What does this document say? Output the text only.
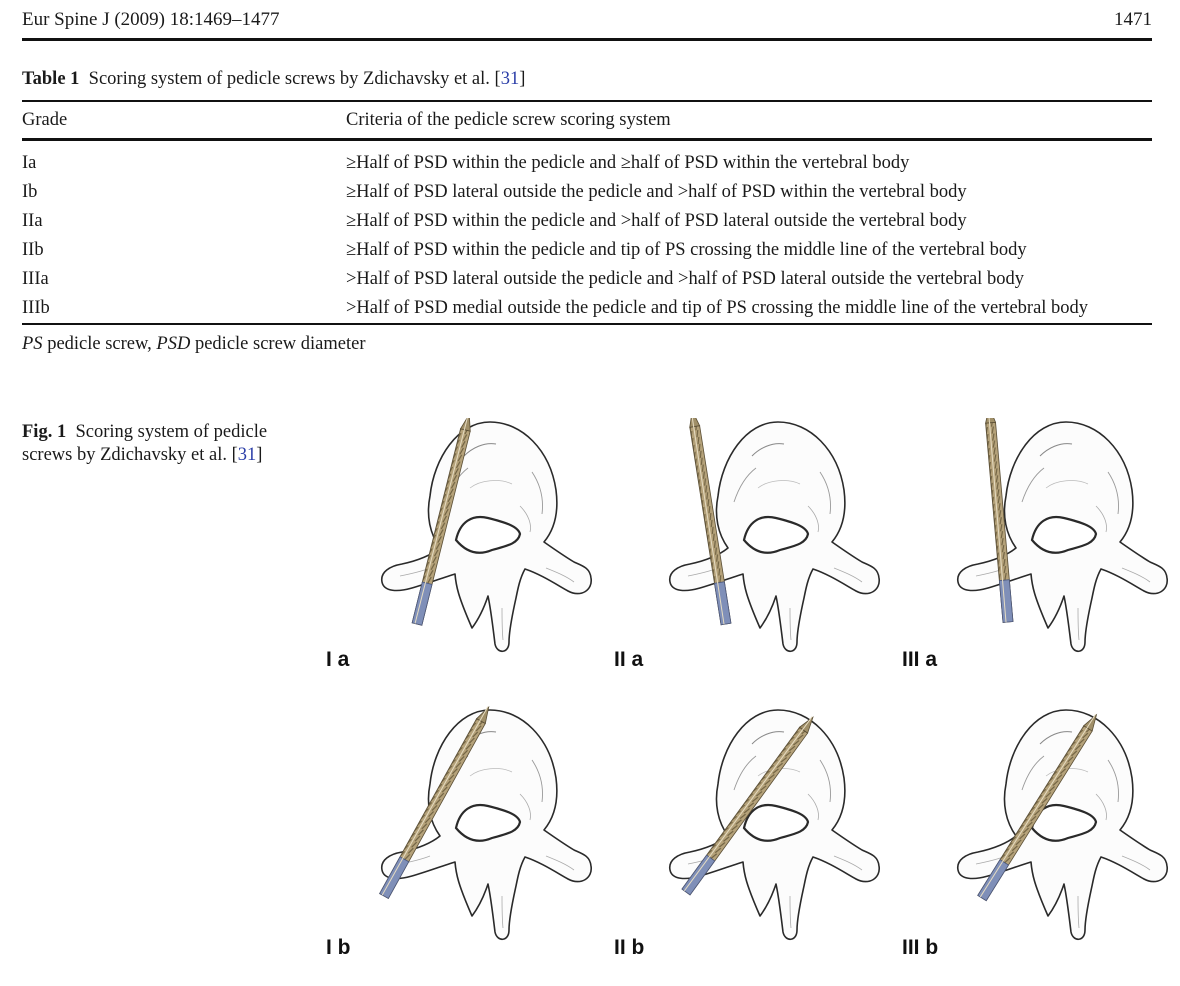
Eur Spine J (2009) 18:1469–1477	1471
Table 1 Scoring system of pedicle screws by Zdichavsky et al. [31]
Grade	Criteria of the pedicle screw scoring system
Ia	≥Half of PSD within the pedicle and ≥half of PSD within the vertebral body
Ib	≥Half of PSD lateral outside the pedicle and >half of PSD within the vertebral body
IIa	≥Half of PSD within the pedicle and >half of PSD lateral outside the vertebral body
IIb	≥Half of PSD within the pedicle and tip of PS crossing the middle line of the vertebral body
IIIa	>Half of PSD lateral outside the pedicle and >half of PSD lateral outside the vertebral body
IIIb	>Half of PSD medial outside the pedicle and tip of PS crossing the middle line of the vertebral body
PS pedicle screw, PSD pedicle screw diameter
Fig. 1 Scoring system of pedicle screws by Zdichavsky et al. [31]
I a	II a	III a
I b	II b	III b
